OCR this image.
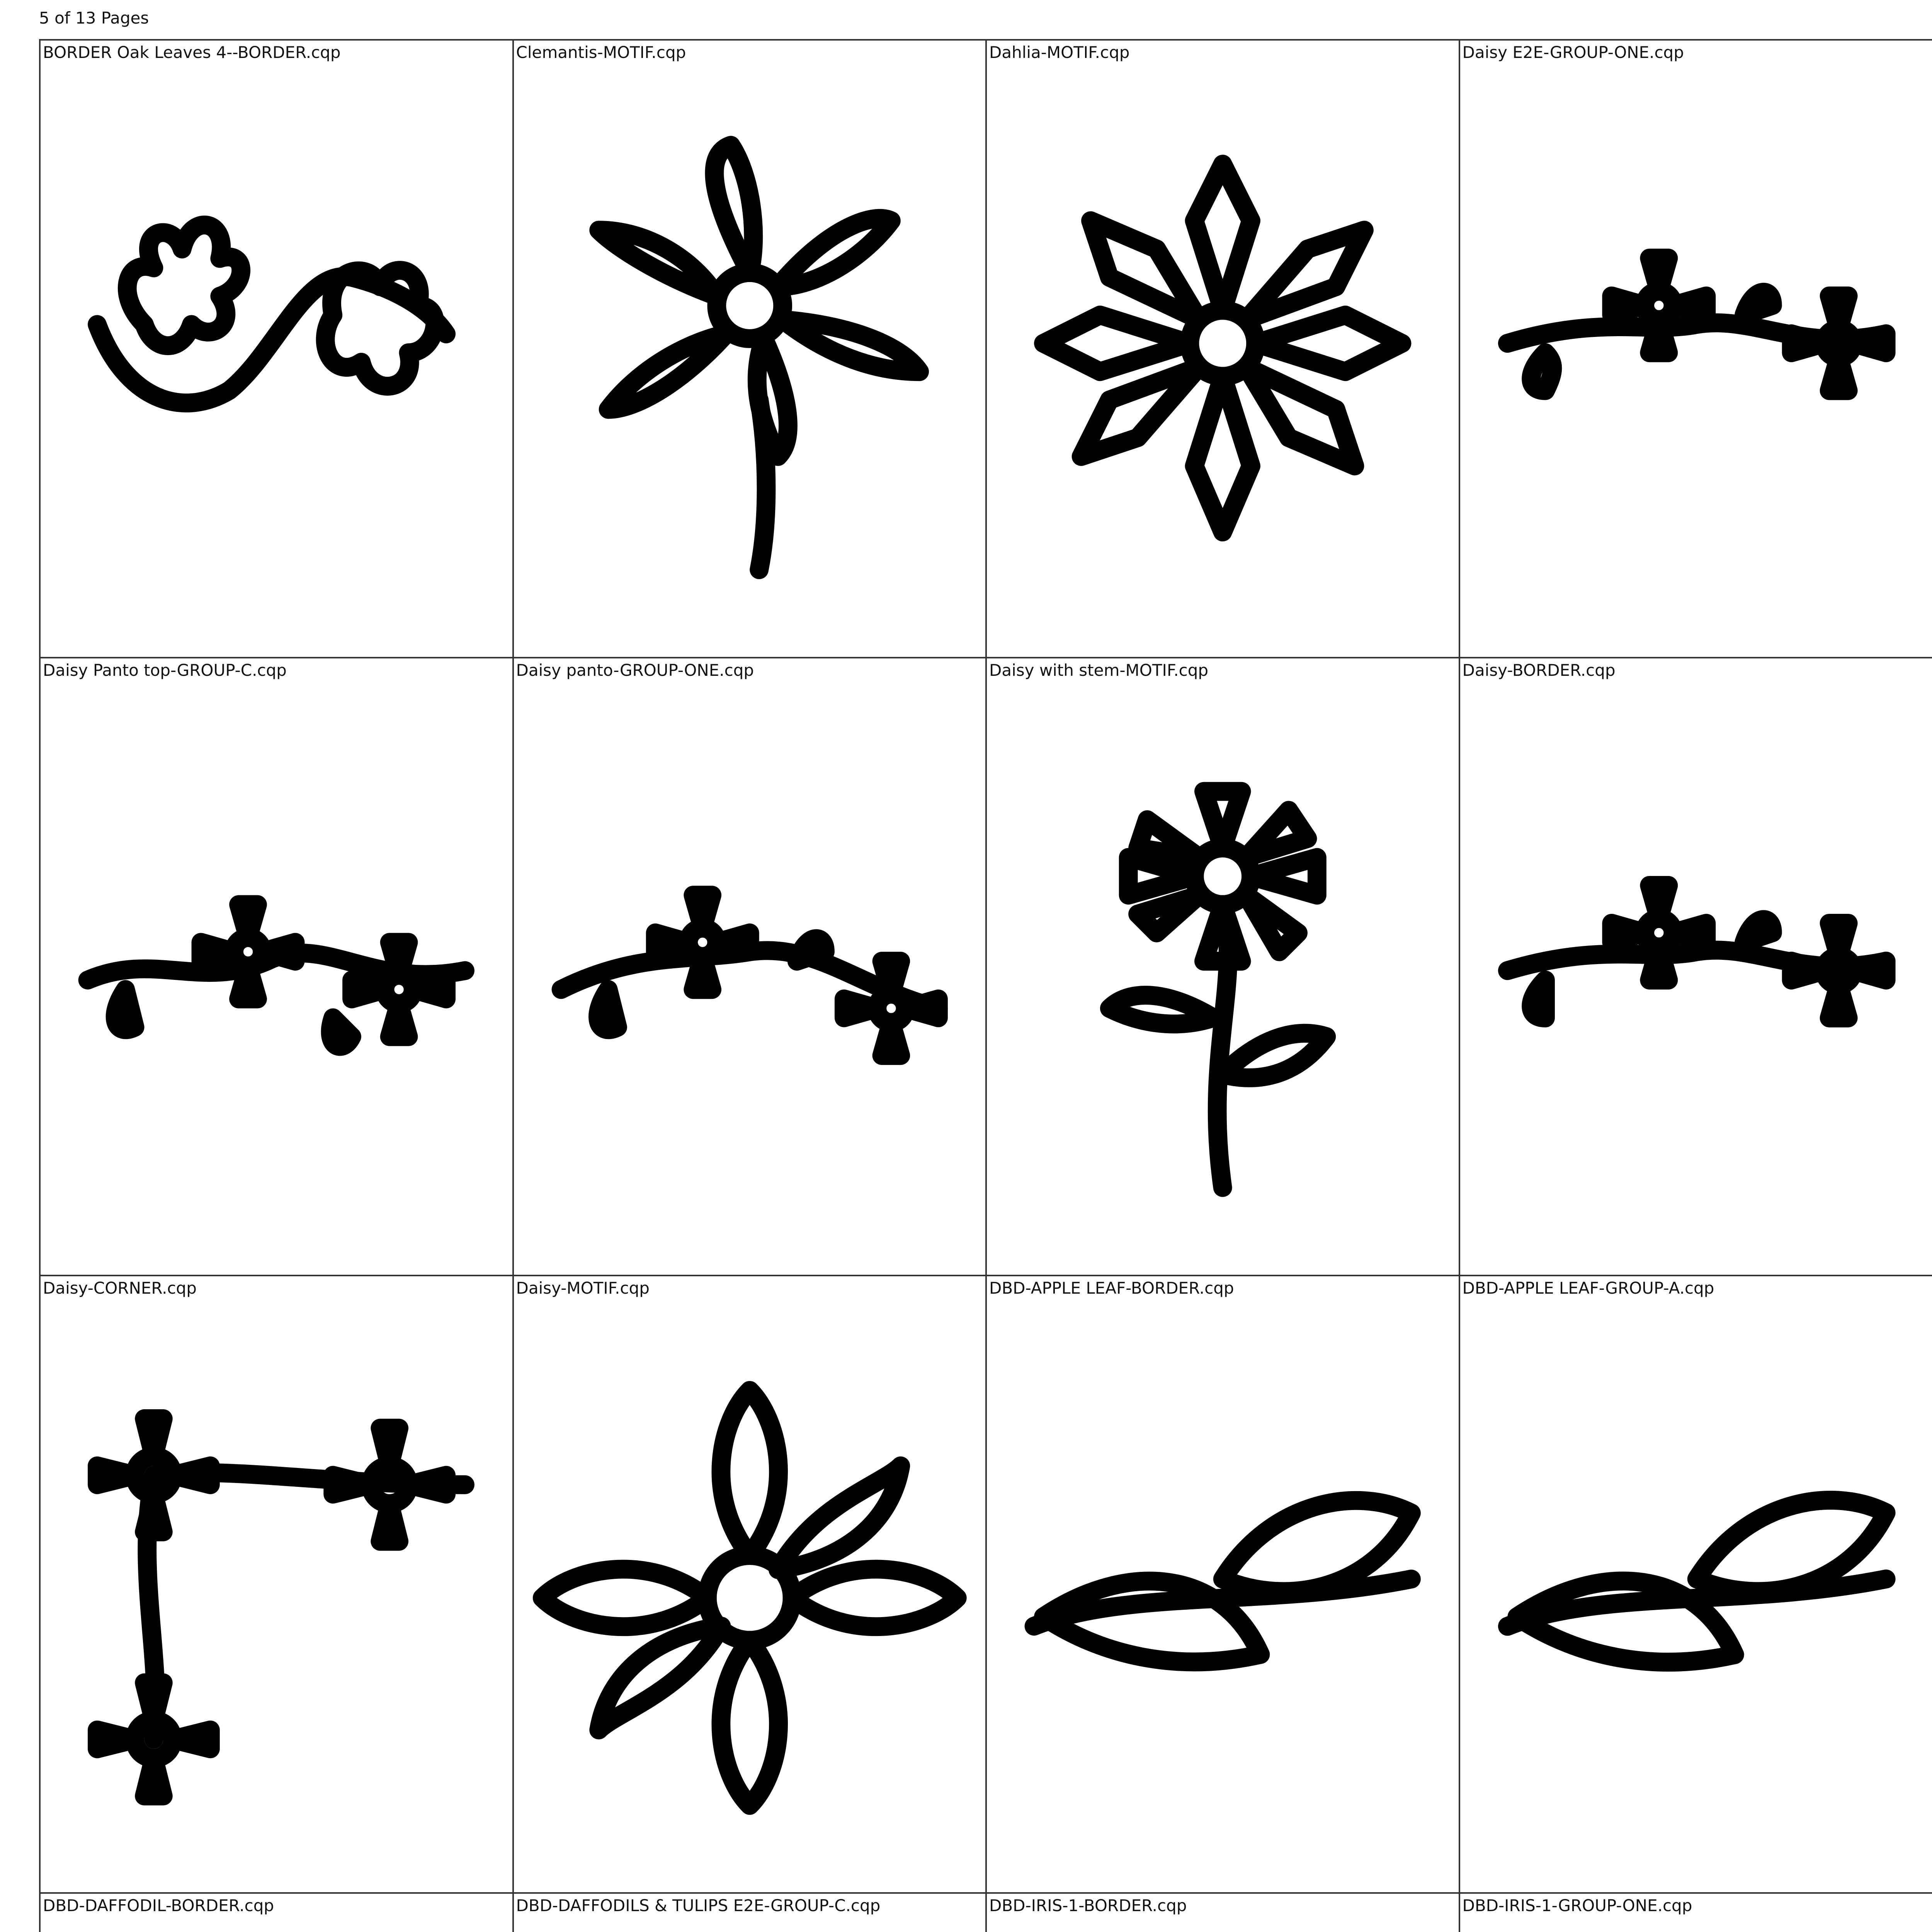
5 of 13 Pages
BORDER Oak Leaves 4--BORDER.cqp	Clemantis-MOTIF.cqp	Dahlia-MOTIF.cqp	Daisy E2E-GROUP-ONE.cqp
Daisy Panto top-GROUP-C.cqp	Daisy panto-GROUP-ONE.cqp	Daisy with stem-MOTIF.cqp	Daisy-BORDER.cqp
Daisy-CORNER.cqp	Daisy-MOTIF.cqp	DBD-APPLE LEAF-BORDER.cqp	DBD-APPLE LEAF-GROUP-A.cqp
DBD-DAFFODIL-BORDER.cqp	DBD-DAFFODILS & TULIPS E2E-GROUP-C.cqp	DBD-IRIS-1-BORDER.cqp	DBD-IRIS-1-GROUP-ONE.cqp
